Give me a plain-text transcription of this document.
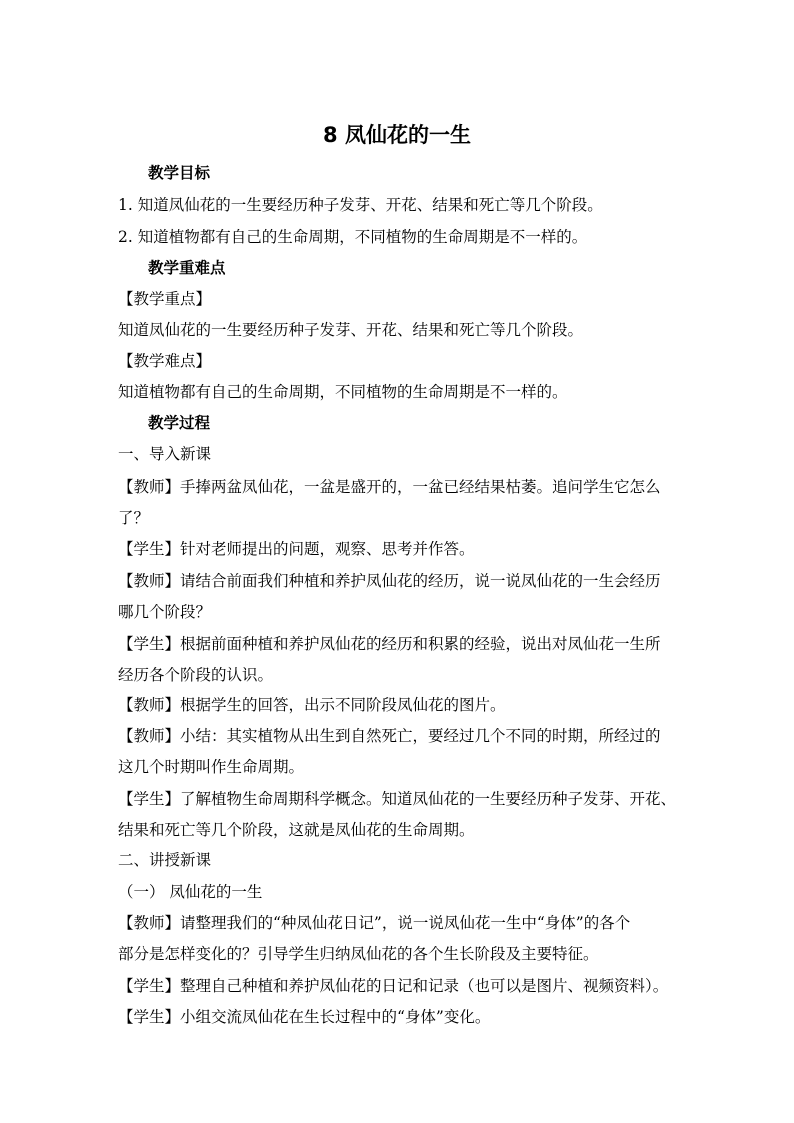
8 凤仙花的一生
教学目标
1. 知道凤仙花的一生要经历种子发芽、开花、结果和死亡等几个阶段。
2. 知道植物都有自己的生命周期，不同植物的生命周期是不一样的。
教学重难点
【教学重点】
知道凤仙花的一生要经历种子发芽、开花、结果和死亡等几个阶段。
【教学难点】
知道植物都有自己的生命周期，不同植物的生命周期是不一样的。
教学过程
一、导入新课
【教师】手捧两盆凤仙花，一盆是盛开的，一盆已经结果枯萎。追问学生它怎么
了？
【学生】针对老师提出的问题，观察、思考并作答。
【教师】请结合前面我们种植和养护凤仙花的经历，说一说凤仙花的一生会经历
哪几个阶段？
【学生】根据前面种植和养护凤仙花的经历和积累的经验，说出对凤仙花一生所
经历各个阶段的认识。
【教师】根据学生的回答，出示不同阶段凤仙花的图片。
【教师】小结：其实植物从出生到自然死亡，要经过几个不同的时期，所经过的
这几个时期叫作生命周期。
【学生】了解植物生命周期科学概念。知道凤仙花的一生要经历种子发芽、开花、
结果和死亡等几个阶段，这就是凤仙花的生命周期。
二、讲授新课
（一） 凤仙花的一生
【教师】请整理我们的“种凤仙花日记”，说一说凤仙花一生中“身体”的各个
部分是怎样变化的？引导学生归纳凤仙花的各个生长阶段及主要特征。
【学生】整理自己种植和养护凤仙花的日记和记录（也可以是图片、视频资料）。
【学生】小组交流凤仙花在生长过程中的“身体”变化。
